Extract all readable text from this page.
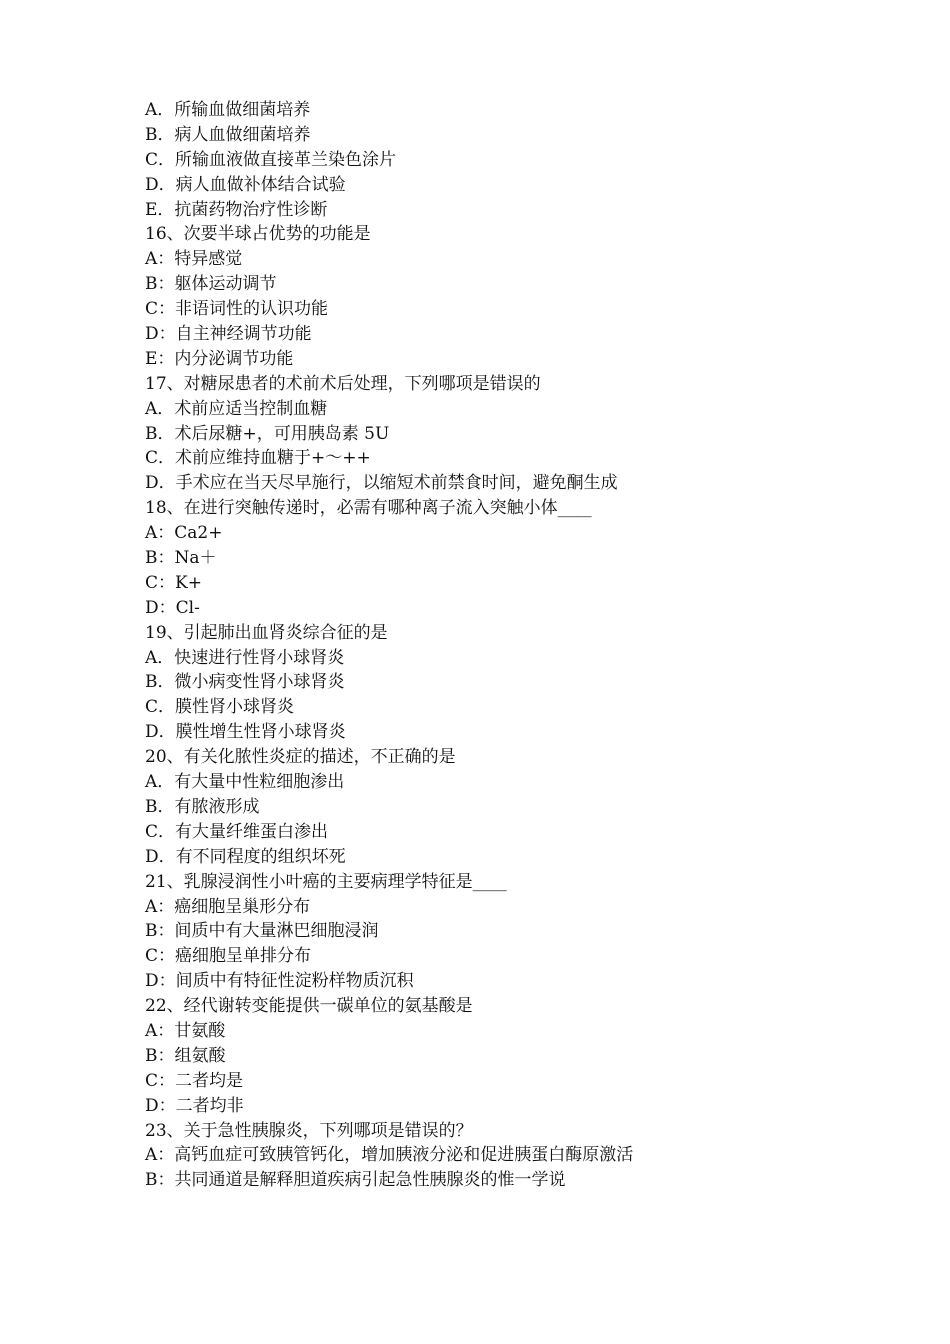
A．所输血做细菌培养
B．病人血做细菌培养
C．所输血液做直接革兰染色涂片
D．病人血做补体结合试验
E．抗菌药物治疗性诊断
16、次要半球占优势的功能是
A：特异感觉
B：躯体运动调节
C：非语词性的认识功能
D：自主神经调节功能
E：内分泌调节功能
17、对糖尿患者的术前术后处理，下列哪项是错误的
A．术前应适当控制血糖
B．术后尿糖+，可用胰岛素 5U
C．术前应维持血糖于+～++
D．手术应在当天尽早施行，以缩短术前禁食时间，避免酮生成
18、在进行突触传递时，必需有哪种离子流入突触小体____
A：Ca2+
B：Na＋
C：K+
D：Cl-
19、引起肺出血肾炎综合征的是
A．快速进行性肾小球肾炎
B．微小病变性肾小球肾炎
C．膜性肾小球肾炎
D．膜性增生性肾小球肾炎
20、有关化脓性炎症的描述，不正确的是
A．有大量中性粒细胞渗出
B．有脓液形成
C．有大量纤维蛋白渗出
D．有不同程度的组织坏死
21、乳腺浸润性小叶癌的主要病理学特征是____
A：癌细胞呈巢形分布
B：间质中有大量淋巴细胞浸润
C：癌细胞呈单排分布
D：间质中有特征性淀粉样物质沉积
22、经代谢转变能提供一碳单位的氨基酸是
A：甘氨酸
B：组氨酸
C：二者均是
D：二者均非
23、关于急性胰腺炎，下列哪项是错误的？
A：高钙血症可致胰管钙化，增加胰液分泌和促进胰蛋白酶原激活
B：共同通道是解释胆道疾病引起急性胰腺炎的惟一学说
